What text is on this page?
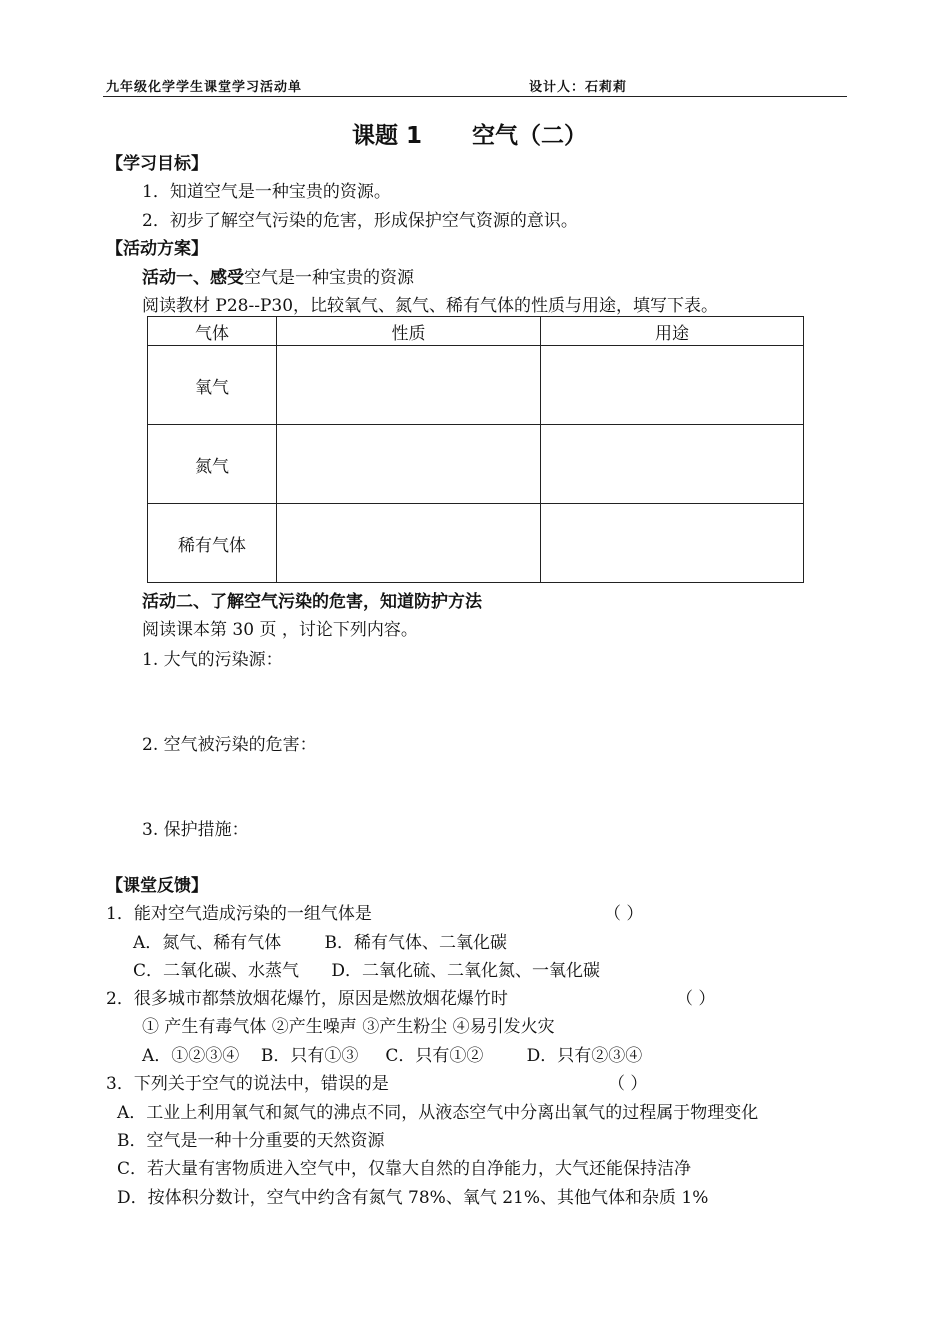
九年级化学学生课堂学习活动单	设计人：石莉莉
课题 1 空气（二）
【学习目标】
1．知道空气是一种宝贵的资源。
2．初步了解空气污染的危害，形成保护空气资源的意识。
【活动方案】
活动一、感受空气是一种宝贵的资源
阅读教材 P28--P30，比较氧气、氮气、稀有气体的性质与用途，填写下表。
气体	性质	用途
氧气		
氮气		
稀有气体		
活动二、了解空气污染的危害，知道防护方法
阅读课本第 30 页 ，讨论下列内容。
1. 大气的污染源：
2. 空气被污染的危害：
3. 保护措施：
【课堂反馈】
1．能对空气造成污染的一组气体是	（ ）
A．氮气、稀有气体        B．稀有气体、二氧化碳
C．二氧化碳、水蒸气      D．二氧化硫、二氧化氮、一氧化碳
2．很多城市都禁放烟花爆竹，原因是燃放烟花爆竹时	（ ）
① 产生有毒气体 ②产生噪声 ③产生粉尘 ④易引发火灾
A．①②③④    B．只有①③     C．只有①②        D．只有②③④
3．下列关于空气的说法中，错误的是	（ ）
A．工业上利用氧气和氮气的沸点不同，从液态空气中分离出氧气的过程属于物理变化
B．空气是一种十分重要的天然资源
C．若大量有害物质进入空气中，仅靠大自然的自净能力，大气还能保持洁净
D．按体积分数计，空气中约含有氮气 78%、氧气 21%、其他气体和杂质 1%
